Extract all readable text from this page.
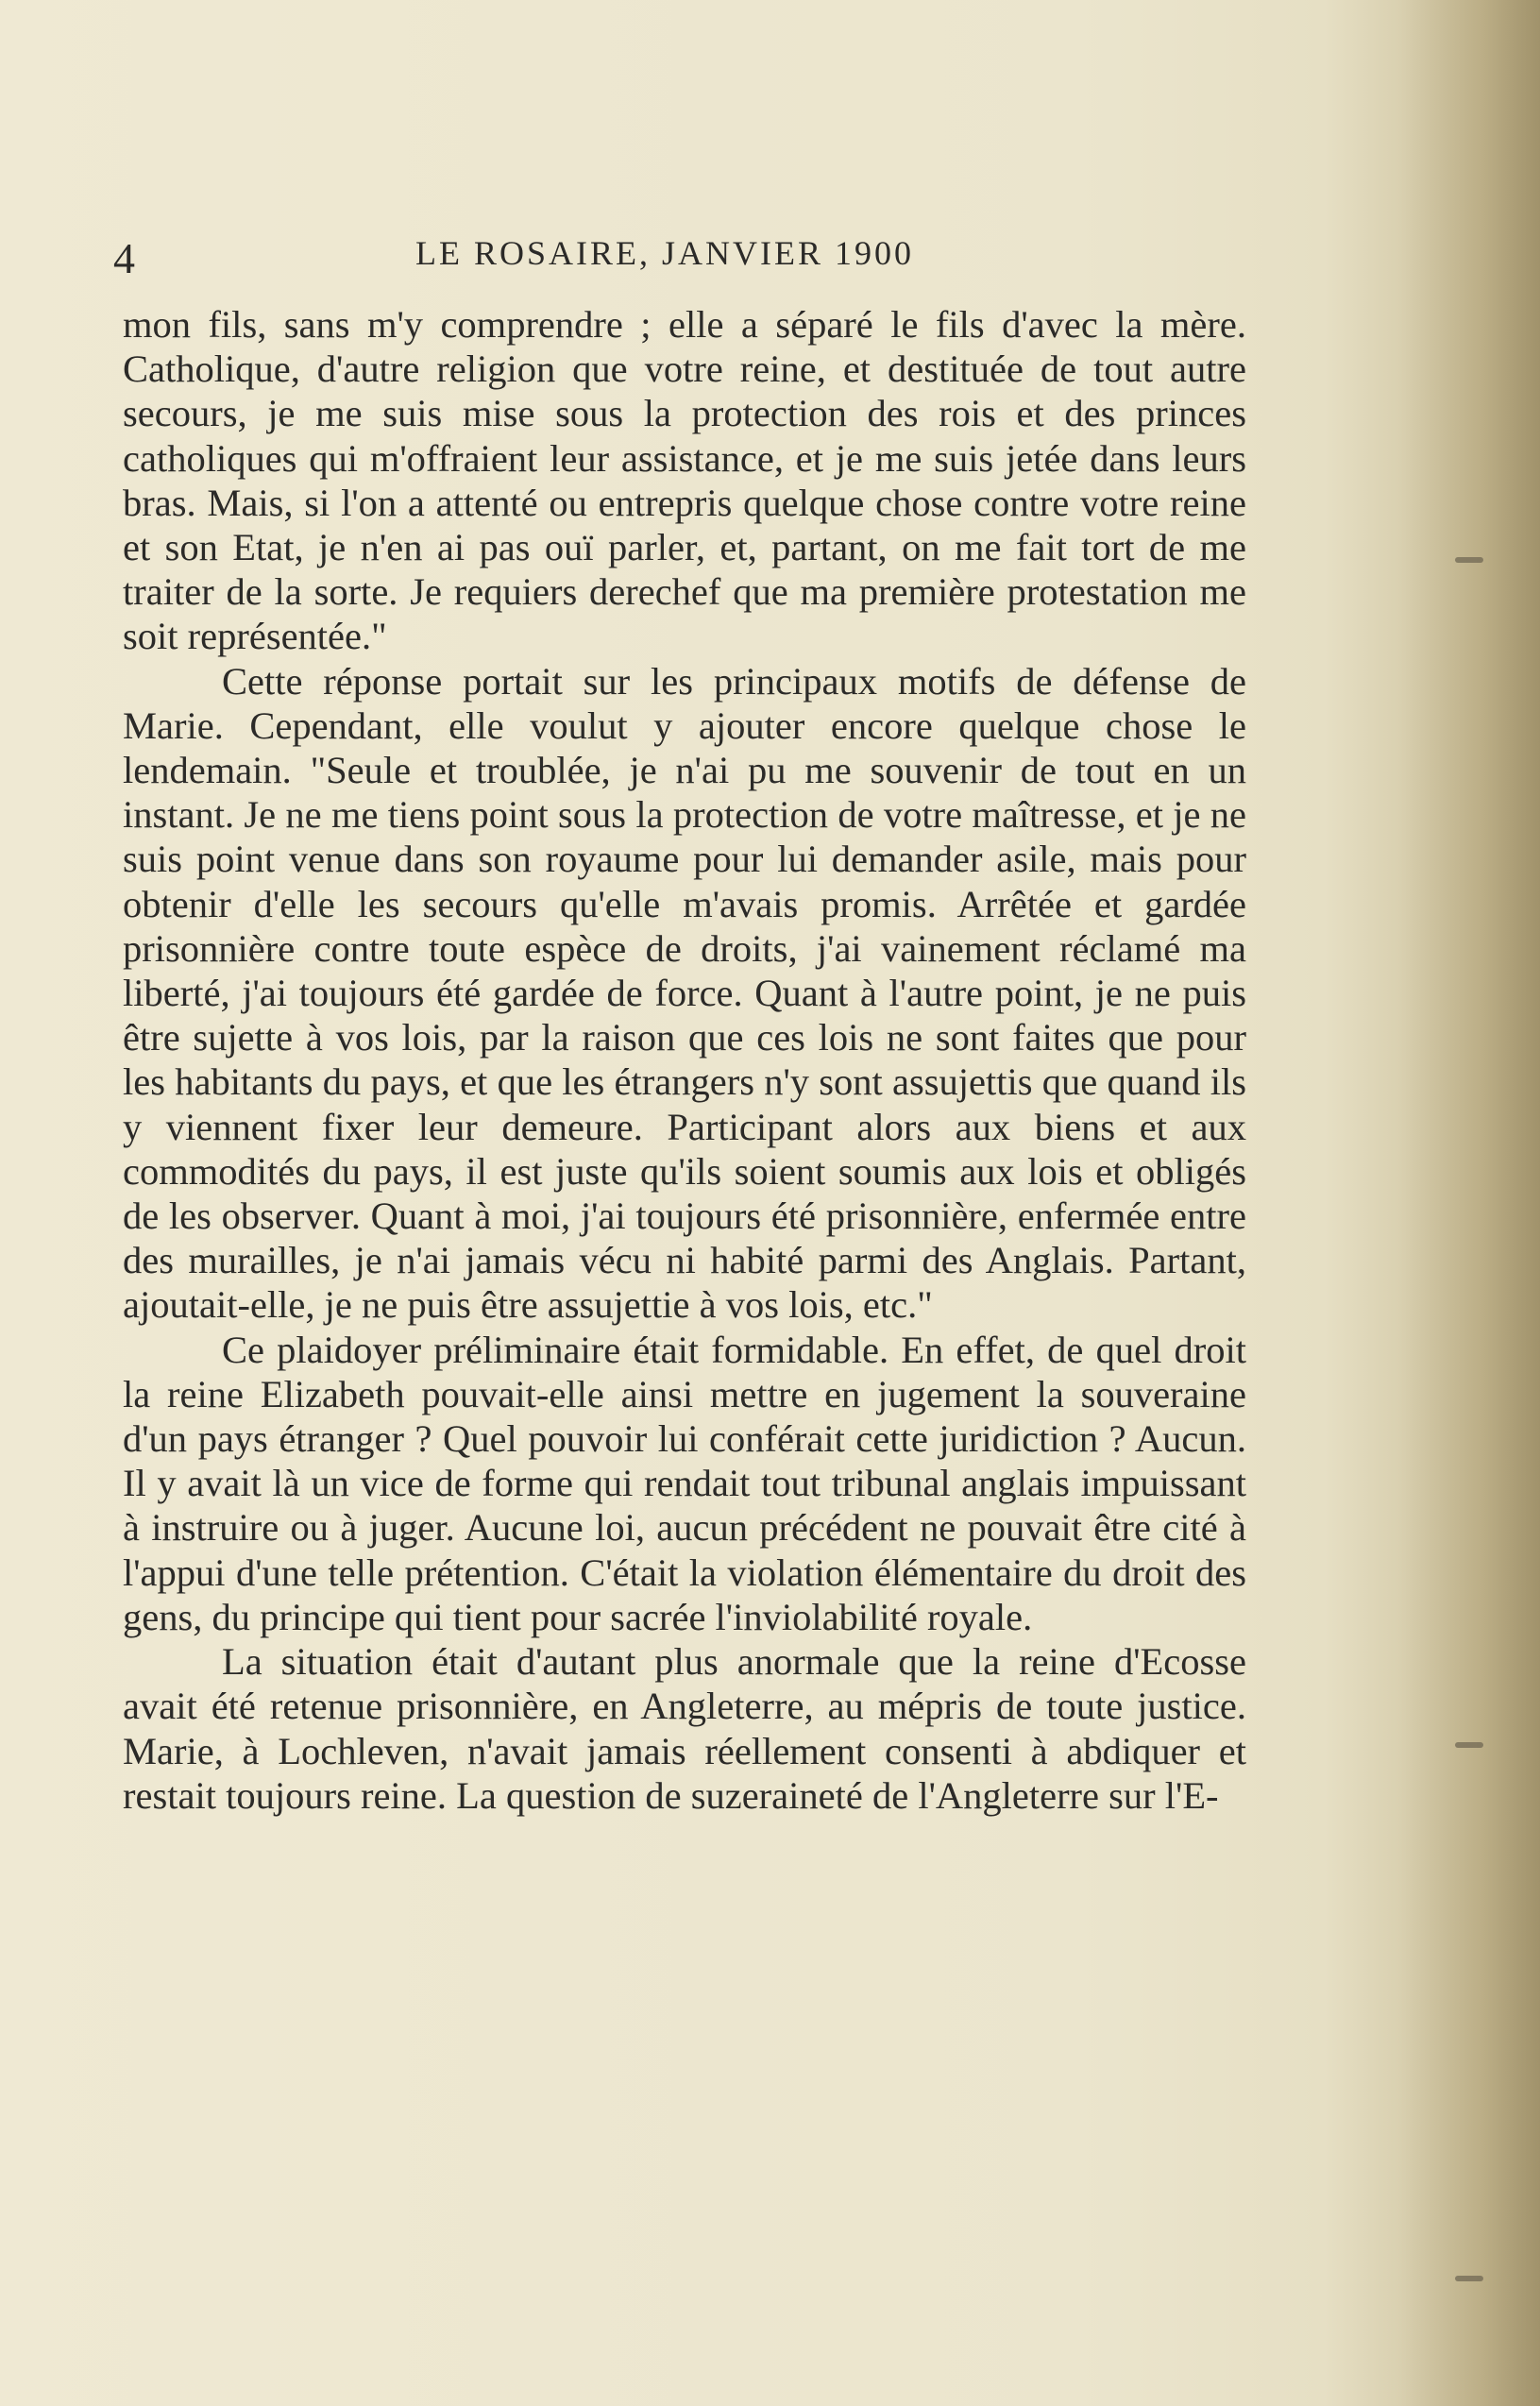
4	LE ROSAIRE, JANVIER 1900

mon fils, sans m'y comprendre ; elle a séparé le fils d'avec la mère. Catholique, d'autre religion que votre reine, et destituée de tout autre secours, je me suis mise sous la protection des rois et des princes catholiques qui m'offraient leur assistance, et je me suis jetée dans leurs bras. Mais, si l'on a attenté ou entrepris quelque chose contre votre reine et son Etat, je n'en ai pas ouï parler, et, partant, on me fait tort de me traiter de la sorte. Je requiers derechef que ma première protestation me soit représentée."

Cette réponse portait sur les principaux motifs de défense de Marie. Cependant, elle voulut y ajouter encore quelque chose le lendemain. "Seule et troublée, je n'ai pu me souvenir de tout en un instant. Je ne me tiens point sous la protection de votre maîtresse, et je ne suis point venue dans son royaume pour lui demander asile, mais pour obtenir d'elle les secours qu'elle m'avais promis. Arrêtée et gardée prisonnière contre toute espèce de droits, j'ai vainement réclamé ma liberté, j'ai toujours été gardée de force. Quant à l'autre point, je ne puis être sujette à vos lois, par la raison que ces lois ne sont faites que pour les habitants du pays, et que les étrangers n'y sont assujettis que quand ils y viennent fixer leur demeure. Participant alors aux biens et aux commodités du pays, il est juste qu'ils soient soumis aux lois et obligés de les observer. Quant à moi, j'ai toujours été prisonnière, enfermée entre des murailles, je n'ai jamais vécu ni habité parmi des Anglais. Partant, ajoutait-elle, je ne puis être assujettie à vos lois, etc."

Ce plaidoyer préliminaire était formidable. En effet, de quel droit la reine Elizabeth pouvait-elle ainsi mettre en jugement la souveraine d'un pays étranger ? Quel pouvoir lui conférait cette juridiction ? Aucun. Il y avait là un vice de forme qui rendait tout tribunal anglais impuissant à instruire ou à juger. Aucune loi, aucun précédent ne pouvait être cité à l'appui d'une telle prétention. C'était la violation élémentaire du droit des gens, du principe qui tient pour sacrée l'inviolabilité royale.

La situation était d'autant plus anormale que la reine d'Ecosse avait été retenue prisonnière, en Angleterre, au mépris de toute justice. Marie, à Lochleven, n'avait jamais réellement consenti à abdiquer et restait toujours reine. La question de suzeraineté de l'Angleterre sur l'E-
